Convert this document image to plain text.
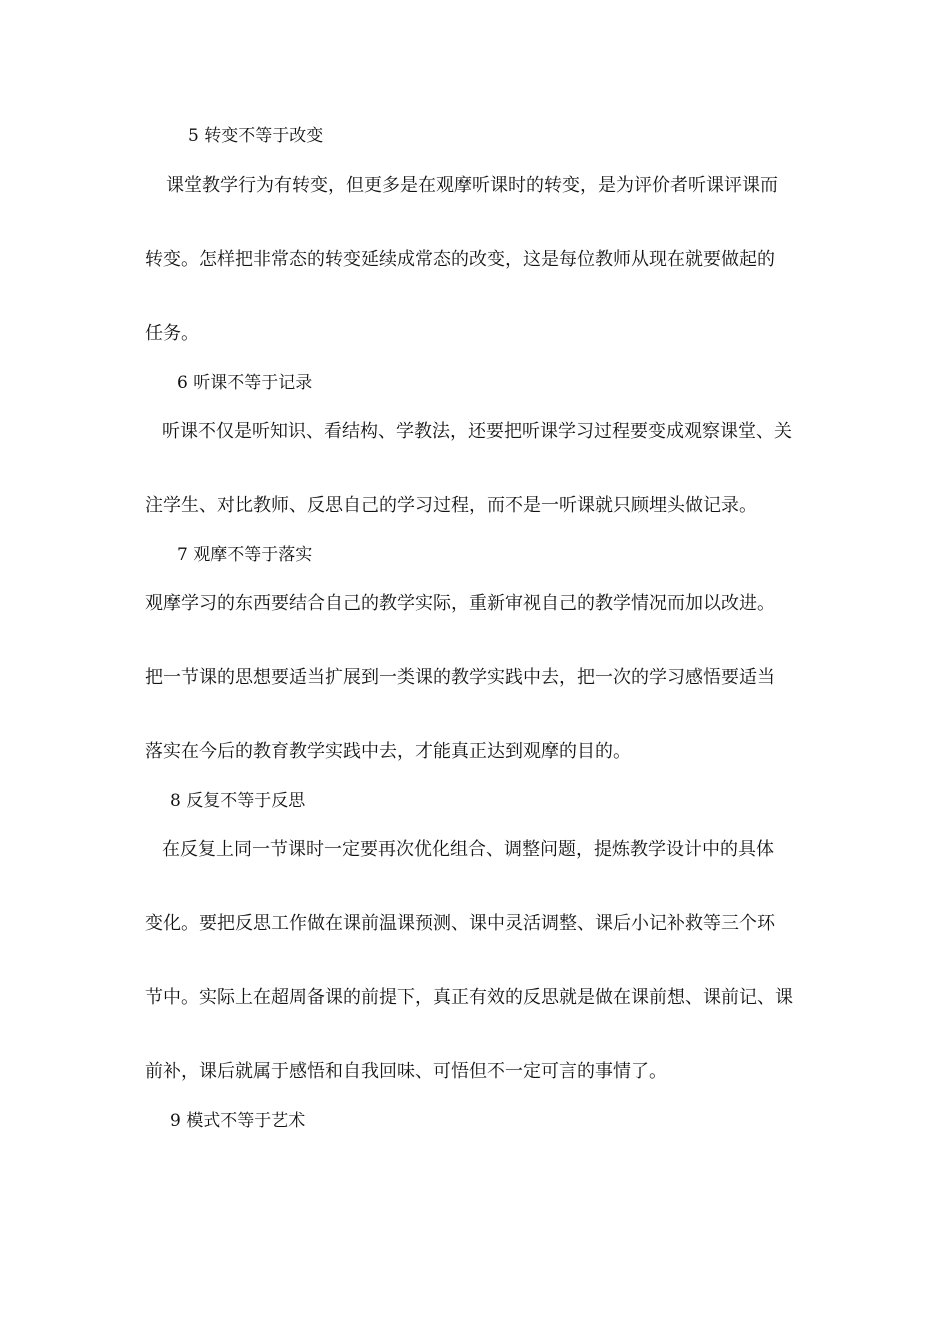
5 转变不等于改变
课堂教学行为有转变，但更多是在观摩听课时的转变，是为评价者听课评课而
转变。怎样把非常态的转变延续成常态的改变，这是每位教师从现在就要做起的
任务。
6 听课不等于记录
听课不仅是听知识、看结构、学教法，还要把听课学习过程要变成观察课堂、关
注学生、对比教师、反思自己的学习过程，而不是一听课就只顾埋头做记录。
7 观摩不等于落实
观摩学习的东西要结合自己的教学实际，重新审视自己的教学情况而加以改进。
把一节课的思想要适当扩展到一类课的教学实践中去，把一次的学习感悟要适当
落实在今后的教育教学实践中去，才能真正达到观摩的目的。
8 反复不等于反思
在反复上同一节课时一定要再次优化组合、调整问题，提炼教学设计中的具体
变化。要把反思工作做在课前温课预测、课中灵活调整、课后小记补救等三个环
节中。实际上在超周备课的前提下，真正有效的反思就是做在课前想、课前记、课
前补，课后就属于感悟和自我回味、可悟但不一定可言的事情了。
9 模式不等于艺术
